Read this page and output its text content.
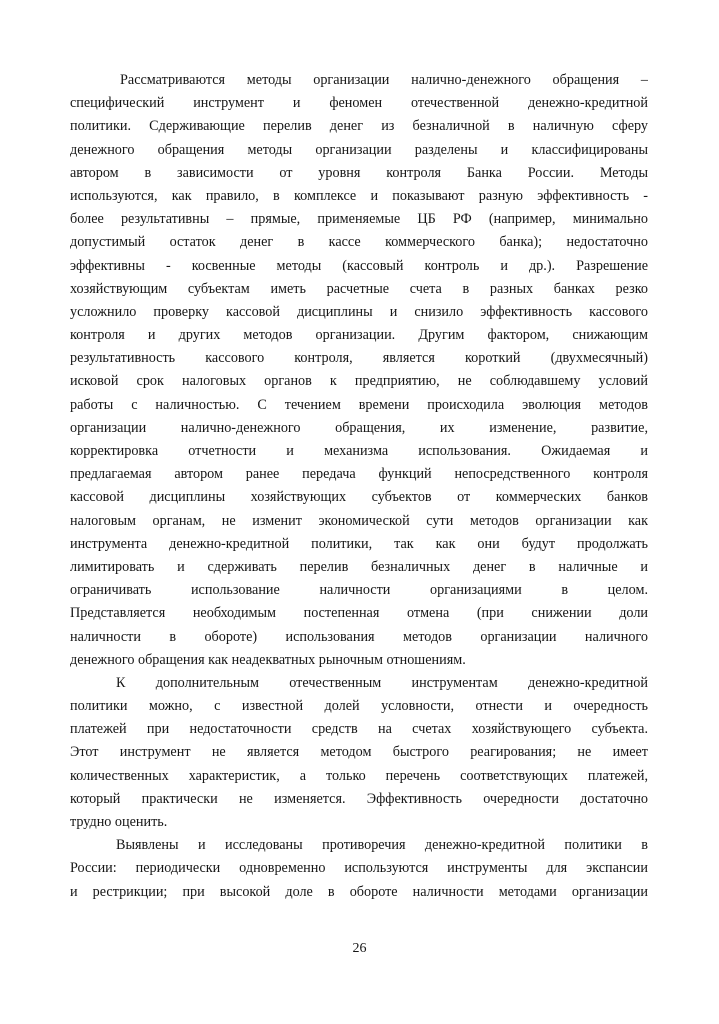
Рассматриваются методы организации налично-денежного обращения –
специфический инструмент и феномен отечественной денежно-кредитной
политики. Сдерживающие перелив денег из безналичной в наличную сферу
денежного обращения методы организации разделены и классифицированы
автором в зависимости от уровня контроля Банка России. Методы
используются, как правило, в комплексе и показывают разную эффективность -
более результативны – прямые, применяемые ЦБ РФ (например, минимально
допустимый остаток денег в кассе коммерческого банка); недостаточно
эффективны - косвенные методы (кассовый контроль и др.). Разрешение
хозяйствующим субъектам иметь расчетные счета в разных банках резко
усложнило проверку кассовой дисциплины и снизило эффективность кассового
контроля и других методов организации. Другим фактором, снижающим
результативность кассового контроля, является короткий (двухмесячный)
исковой срок налоговых органов к предприятию, не соблюдавшему условий
работы с наличностью. С течением времени происходила эволюция методов
организации налично-денежного обращения, их изменение, развитие,
корректировка отчетности и механизма использования. Ожидаемая и
предлагаемая автором ранее передача функций непосредственного контроля
кассовой дисциплины хозяйствующих субъектов от коммерческих банков
налоговым органам, не изменит экономической сути методов организации как
инструмента денежно-кредитной политики, так как они будут продолжать
лимитировать и сдерживать перелив безналичных денег в наличные и
ограничивать использование наличности организациями в целом.
Представляется необходимым постепенная отмена (при снижении доли
наличности в обороте) использования методов организации наличного
денежного обращения как неадекватных рыночным отношениям.
К дополнительным отечественным инструментам денежно-кредитной
политики можно, с известной долей условности, отнести и очередность
платежей при недостаточности средств на счетах хозяйствующего субъекта.
Этот инструмент не является методом быстрого реагирования; не имеет
количественных характеристик, а только перечень соответствующих платежей,
который практически не изменяется. Эффективность очередности достаточно
трудно оценить.
Выявлены и исследованы противоречия денежно-кредитной политики в
России: периодически одновременно используются инструменты для экспансии
и рестрикции; при высокой доле в обороте наличности методами организации
26
